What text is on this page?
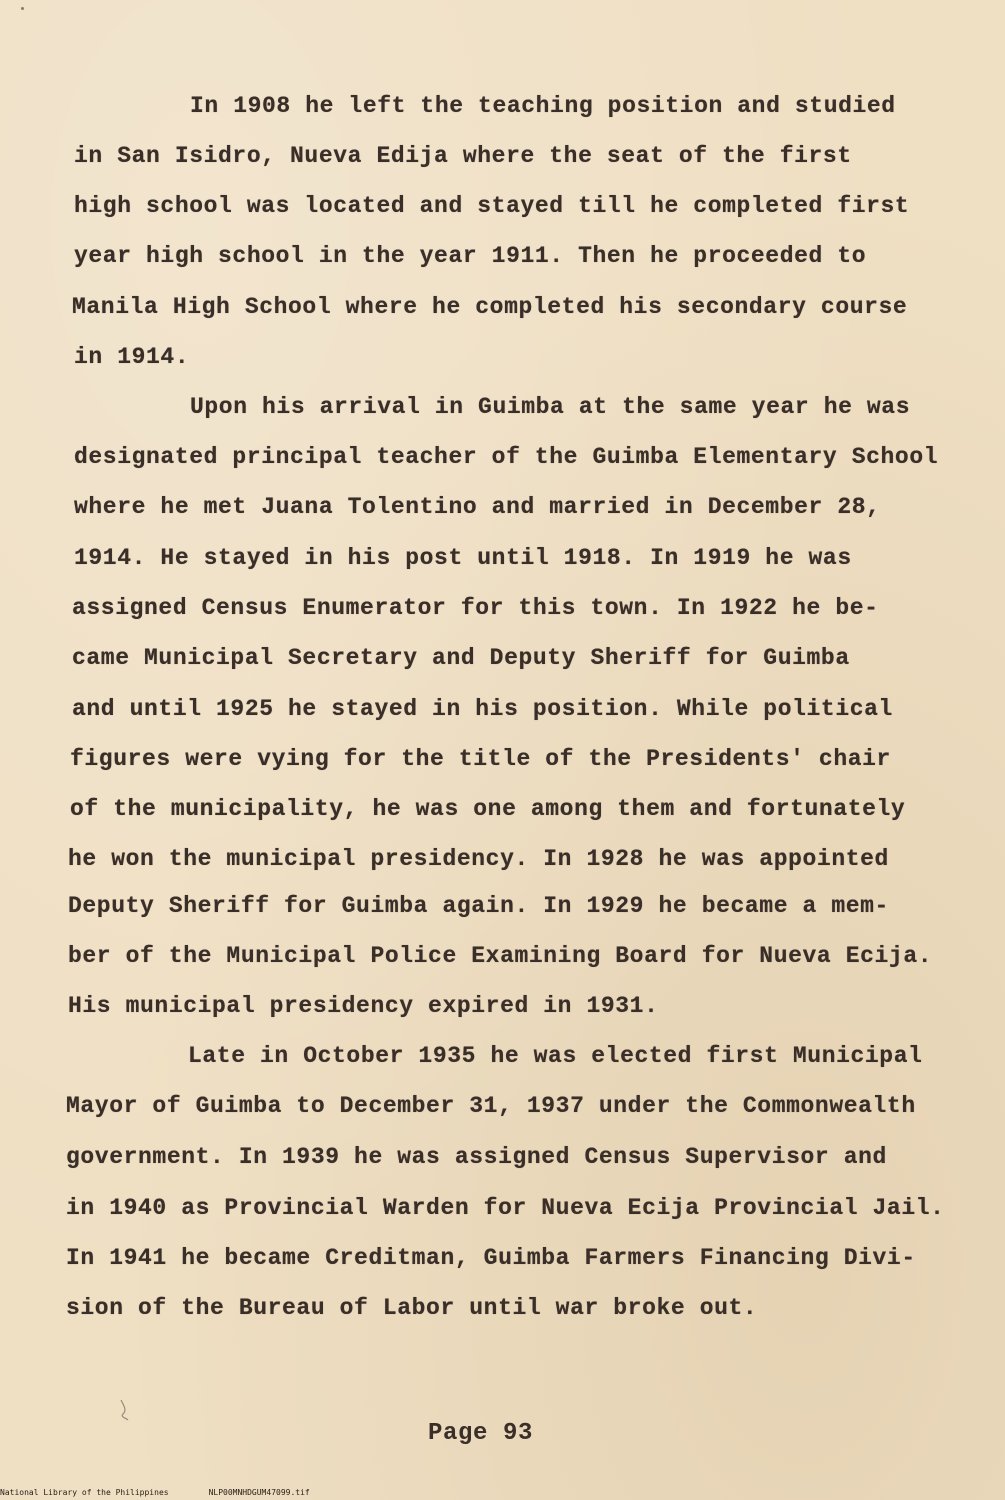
In 1908 he left the teaching position and studied
in San Isidro, Nueva Edija where the seat of the first
high school was located and stayed till he completed first
year high school in the year 1911. Then he proceeded to
Manila High School where he completed his secondary course
in 1914.
Upon his arrival in Guimba at the same year he was
designated principal teacher of the Guimba Elementary School
where he met Juana Tolentino and married in December 28,
1914. He stayed in his post until 1918. In 1919 he was
assigned Census Enumerator for this town. In 1922 he be-
came Municipal Secretary and Deputy Sheriff for Guimba
and until 1925 he stayed in his position. While political
figures were vying for the title of the Presidents' chair
of the municipality, he was one among them and fortunately
he won the municipal presidency. In 1928 he was appointed
Deputy Sheriff for Guimba again. In 1929 he became a mem-
ber of the Municipal Police Examining Board for Nueva Ecija.
His municipal presidency expired in 1931.
Late in October 1935 he was elected first Municipal
Mayor of Guimba to December 31, 1937 under the Commonwealth
government. In 1939 he was assigned Census Supervisor and
in 1940 as Provincial Warden for Nueva Ecija Provincial Jail.
In 1941 he became Creditman, Guimba Farmers Financing Divi-
sion of the Bureau of Labor until war broke out.
Page 93
National Library of the Philippines	NLP00MNHDGUM47099.tif
